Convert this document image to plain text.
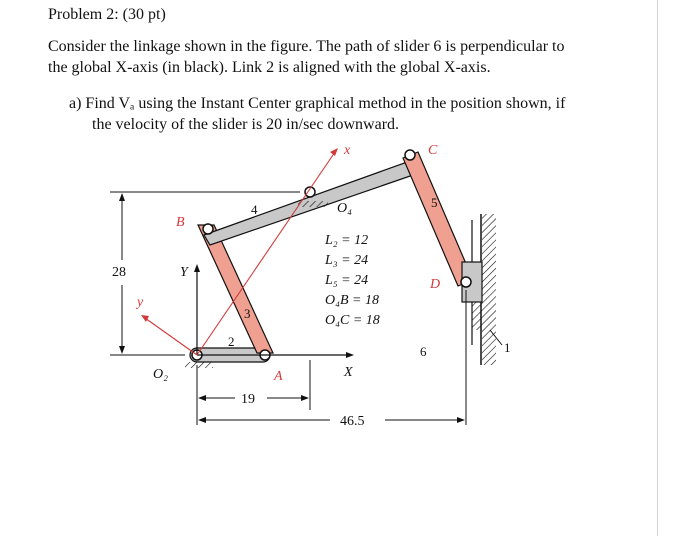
Problem 2: (30 pt)
Consider the linkage shown in the figure. The path of slider 6 is perpendicular to
the global X-axis (in black). Link 2 is aligned with the global X-axis.
a) Find Vₐ using the Instant Center graphical method in the position shown, if
the velocity of the slider is 20 in/sec downward.
x
y
X
Y
B
C
D
A
O₂
O₄
1
2
3
4	5
6
28
19
46.5
L₂ = 12
L₃ = 24
L₅ = 24
O₄B = 18
O₄C = 18
